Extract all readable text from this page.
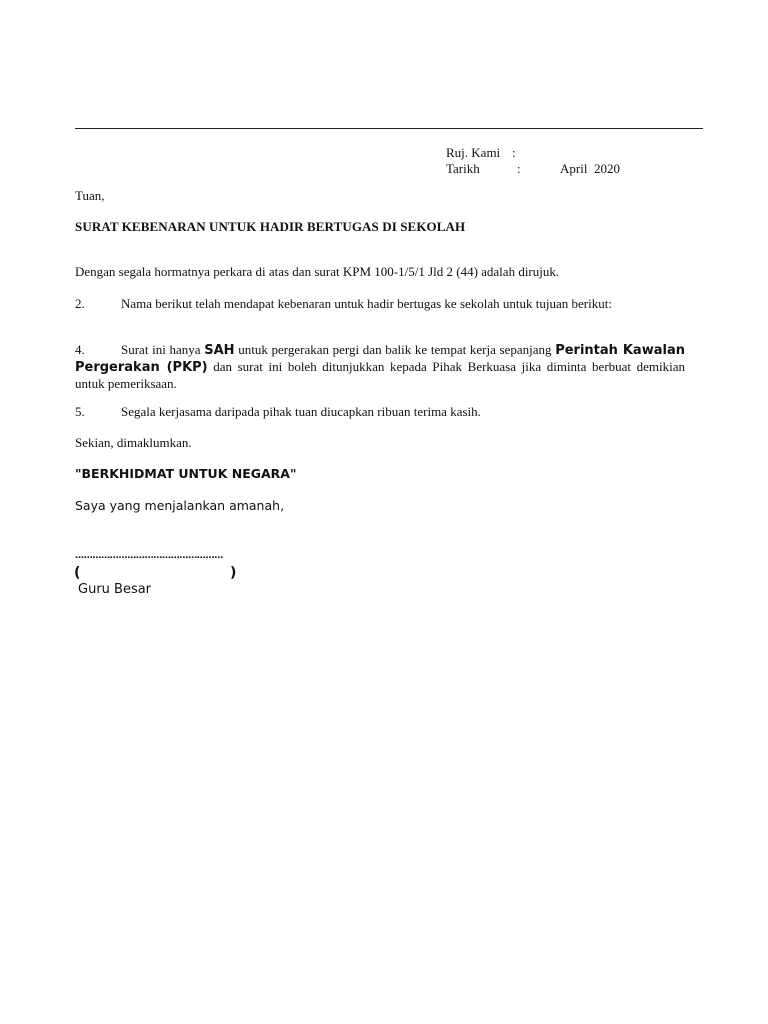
Ruj. Kami :
Tarikh	:	April  2020
Tuan,
SURAT KEBENARAN UNTUK HADIR BERTUGAS DI SEKOLAH
Dengan segala hormatnya perkara di atas dan surat KPM 100-1/5/1 Jld 2 (44) adalah dirujuk.
2.	Nama berikut telah mendapat kebenaran untuk hadir bertugas ke sekolah untuk tujuan berikut:
4.	Surat ini hanya SAH untuk pergerakan pergi dan balik ke tempat kerja sepanjang Perintah Kawalan Pergerakan (PKP) dan surat ini boleh ditunjukkan kepada Pihak Berkuasa jika diminta berbuat demikian untuk pemeriksaan.
5.	Segala kerjasama daripada pihak tuan diucapkan ribuan terima kasih.
Sekian, dimaklumkan.
"BERKHIDMAT UNTUK NEGARA"
Saya yang menjalankan amanah,
……………………………………………
(	)
Guru Besar
